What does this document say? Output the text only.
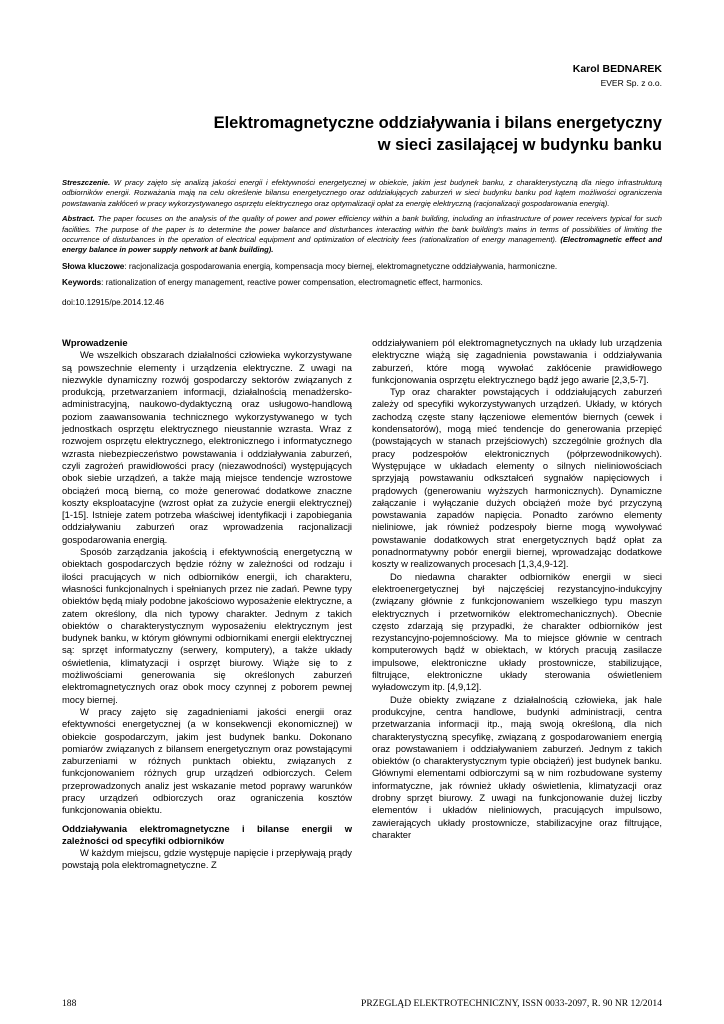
Karol BEDNAREK
EVER Sp. z o.o.
Elektromagnetyczne oddziaływania i bilans energetyczny
w sieci zasilającej w budynku banku

Streszczenie. W pracy zajęto się analizą jakości energii i efektywności energetycznej w obiekcie, jakim jest budynek banku, z charakterystyczną dla niego infrastrukturą odbiorników energii. Rozważania mają na celu określenie bilansu energetycznego oraz oddziałujących zaburzeń w sieci budynku banku pod kątem możliwości ograniczenia powstawania zakłóceń w pracy wykorzystywanego osprzętu elektrycznego oraz optymalizacji opłat za energię elektryczną (racjonalizacji gospodarowania energią).

Abstract. The paper focuses on the analysis of the quality of power and power efficiency within a bank building, including an infrastructure of power receivers typical for such facilities. The purpose of the paper is to determine the power balance and disturbances interacting within the bank building's mains in terms of possibilities of limiting the occurrence of disturbances in the operation of electrical equipment and optimization of electricity fees (rationalization of energy management). (Electromagnetic effect and energy balance in power supply network at bank building).

Słowa kluczowe: racjonalizacja gospodarowania energią, kompensacja mocy biernej, elektromagnetyczne oddziaływania, harmoniczne.

Keywords: rationalization of energy management, reactive power compensation, electromagnetic effect, harmonics.

doi:10.12915/pe.2014.12.46

Wprowadzenie

We wszelkich obszarach działalności człowieka wykorzystywane są powszechnie elementy i urządzenia elektryczne. Z uwagi na niezwykle dynamiczny rozwój gospodarczy sektorów związanych z produkcją, przetwarzaniem informacji, działalnością menadżersko-administracyjną, naukowo-dydaktyczną oraz usługowo-handlową poziom zaawansowania technicznego wykorzystywanego w tych jednostkach osprzętu elektrycznego nieustannie wzrasta. Wraz z rozwojem osprzętu elektrycznego, elektronicznego i informatycznego wzrasta niebezpieczeństwo powstawania i oddziaływania zaburzeń, czyli zagrożeń prawidłowości pracy (niezawodności) występujących obok siebie urządzeń, a także mają miejsce tendencje wzrostowe obciążeń mocą bierną, co może generować dodatkowe znaczne koszty eksploatacyjne (wzrost opłat za zużycie energii elektrycznej) [1-15]. Istnieje zatem potrzeba właściwej identyfikacji i zapobiegania oddziaływaniu zaburzeń oraz wprowadzenia racjonalizacji gospodarowania energią.

Sposób zarządzania jakością i efektywnością energetyczną w obiektach gospodarczych będzie różny w zależności od rodzaju i ilości pracujących w nich odbiorników energii, ich charakteru, własności funkcjonalnych i spełnianych przez nie zadań. Pewne typy obiektów będą miały podobne jakościowo wyposażenie elektryczne, a zatem określony, dla nich typowy charakter. Jednym z takich obiektów o charakterystycznym wyposażeniu elektrycznym jest budynek banku, w którym głównymi odbiornikami energii elektrycznej są: sprzęt informatyczny (serwery, komputery), a także układy oświetlenia, klimatyzacji i osprzęt biurowy. Wiąże się to z możliwościami generowania się określonych zaburzeń elektromagnetycznych oraz obok mocy czynnej z poborem pewnej mocy biernej.

W pracy zajęto się zagadnieniami jakości energii oraz efektywności energetycznej (a w konsekwencji ekonomicznej) w obiekcie gospodarczym, jakim jest budynek banku. Dokonano pomiarów związanych z bilansem energetycznym oraz powstającymi zaburzeniami w różnych punktach obiektu, związanych z funkcjonowaniem różnych grup urządzeń odbiorczych. Celem przeprowadzonych analiz jest wskazanie metod poprawy warunków pracy urządzeń odbiorczych oraz ograniczenia kosztów funkcjonowania obiektu.

Oddziaływania elektromagnetyczne i bilanse energii w zależności od specyfiki odbiorników

W każdym miejscu, gdzie występuje napięcie i przepływają prądy powstają pola elektromagnetyczne. Z

oddziaływaniem pól elektromagnetycznych na układy lub urządzenia elektryczne wiążą się zagadnienia powstawania i oddziaływania zaburzeń, które mogą wywołać zakłócenie prawidłowego funkcjonowania osprzętu elektrycznego bądź jego awarie [2,3,5-7].

Typ oraz charakter powstających i oddziałujących zaburzeń zależy od specyfiki wykorzystywanych urządzeń. Układy, w których zachodzą częste stany łączeniowe elementów biernych (cewek i kondensatorów), mogą mieć tendencje do generowania przepięć (powstających w stanach przejściowych) szczególnie groźnych dla pracy podzespołów elektronicznych (półprzewodnikowych). Występujące w układach elementy o silnych nieliniowościach sprzyjają powstawaniu odkształceń sygnałów napięciowych i prądowych (generowaniu wyższych harmonicznych). Dynamiczne załączanie i wyłączanie dużych obciążeń może być przyczyną powstawania zapadów napięcia. Ponadto zarówno elementy nieliniowe, jak również podzespoły bierne mogą wywoływać powstawanie dodatkowych strat energetycznych bądź opłat za ponadnormatywny pobór energii biernej, wprowadzając dodatkowe koszty w realizowanych procesach [1,3,4,9-12].

Do niedawna charakter odbiorników energii w sieci elektroenergetycznej był najczęściej rezystancyjno-indukcyjny (związany głównie z funkcjonowaniem wszelkiego typu maszyn elektrycznych i przetworników elektromechanicznych). Obecnie często zdarzają się przypadki, że charakter odbiorników jest rezystancyjno-pojemnościowy. Ma to miejsce głównie w centrach komputerowych bądź w obiektach, w których pracują zasilacze impulsowe, elektroniczne układy prostownicze, stabilizujące, filtrujące, elektroniczne układy sterowania oświetleniem wyładowczym itp. [4,9,12].

Duże obiekty związane z działalnością człowieka, jak hale produkcyjne, centra handlowe, budynki administracji, centra przetwarzania informacji itp., mają swoją określoną, dla nich charakterystyczną specyfikę, związaną z gospodarowaniem energią oraz powstawaniem i oddziaływaniem zaburzeń. Jednym z takich obiektów (o charakterystycznym typie obciążeń) jest budynek banku. Głównymi elementami odbiorczymi są w nim rozbudowane systemy informatyczne, jak również układy oświetlenia, klimatyzacji oraz drobny sprzęt biurowy. Z uwagi na funkcjonowanie dużej liczby elementów i układów nieliniowych, pracujących impulsowo, zawierających układy prostownicze, stabilizacyjne oraz filtrujące, charakter

188	PRZEGLĄD ELEKTROTECHNICZNY, ISSN 0033-2097, R. 90 NR 12/2014
